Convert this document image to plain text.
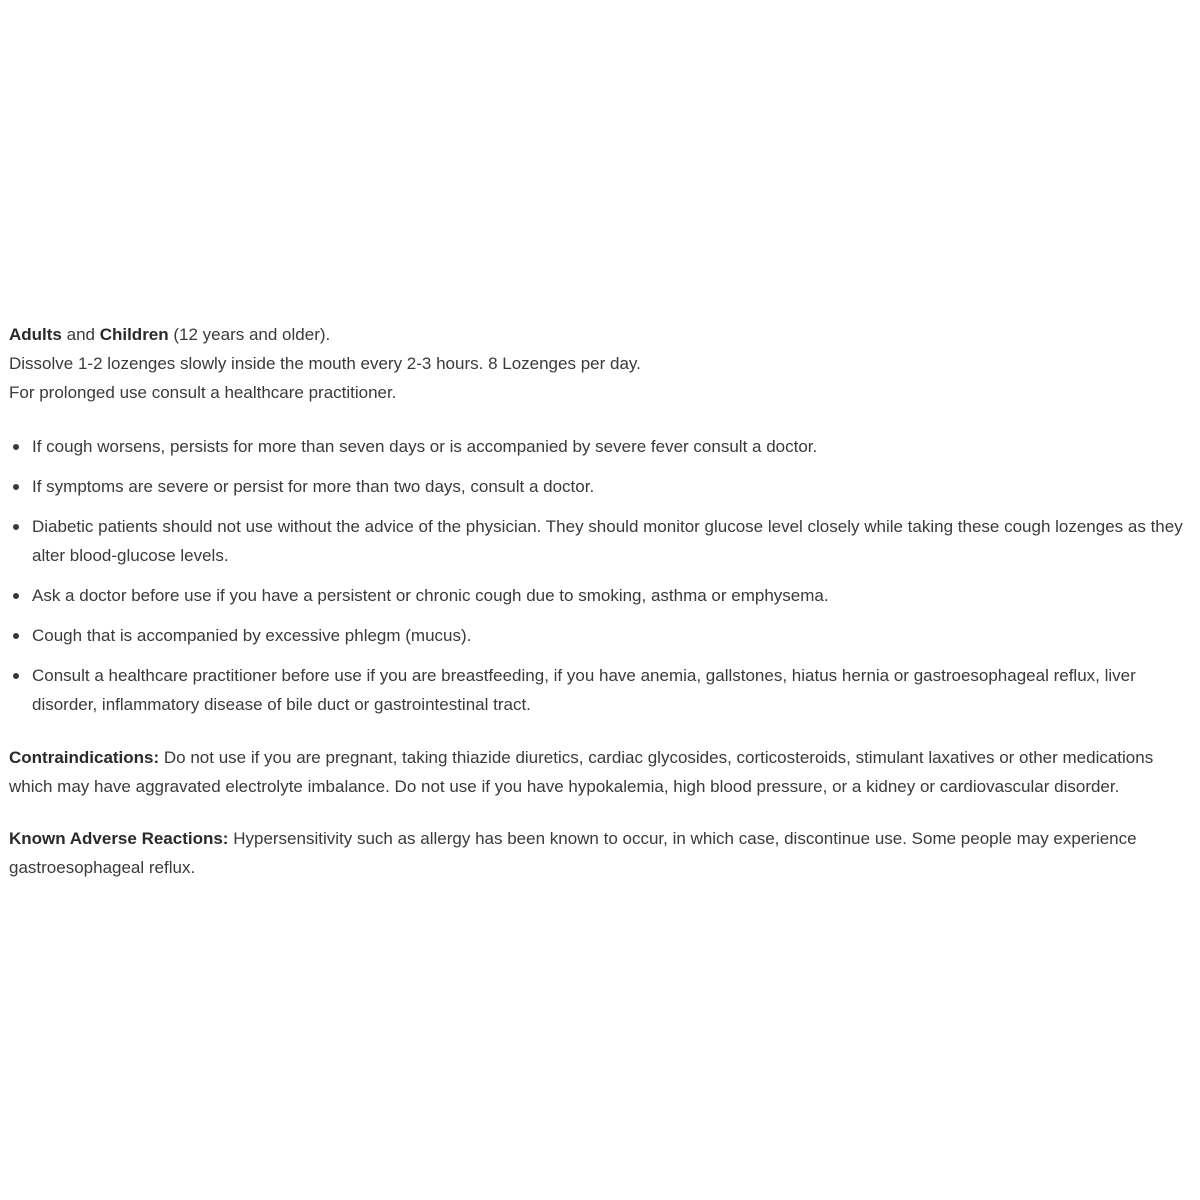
Adults and Children (12 years and older).

Dissolve 1-2 lozenges slowly inside the mouth every 2-3 hours. 8 Lozenges per day.

For prolonged use consult a healthcare practitioner.

If cough worsens, persists for more than seven days or is accompanied by severe fever consult a doctor.
If symptoms are severe or persist for more than two days, consult a doctor.
Diabetic patients should not use without the advice of the physician. They should monitor glucose level closely while taking these cough lozenges as they alter blood-glucose levels.
Ask a doctor before use if you have a persistent or chronic cough due to smoking, asthma or emphysema.
Cough that is accompanied by excessive phlegm (mucus).
Consult a healthcare practitioner before use if you are breastfeeding, if you have anemia, gallstones, hiatus hernia or gastroesophageal reflux, liver disorder, inflammatory disease of bile duct or gastrointestinal tract.

Contraindications: Do not use if you are pregnant, taking thiazide diuretics, cardiac glycosides, corticosteroids, stimulant laxatives or other medications which may have aggravated electrolyte imbalance. Do not use if you have hypokalemia, high blood pressure, or a kidney or cardiovascular disorder.

Known Adverse Reactions: Hypersensitivity such as allergy has been known to occur, in which case, discontinue use. Some people may experience gastroesophageal reflux.
